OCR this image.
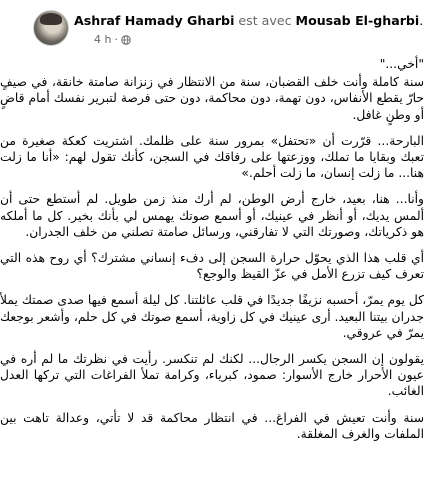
Ashraf Hamady Gharbi est avec Mousab El-gharbi.
4 h ·

"أخي..."

سنة كاملة وأنت خلف القضبان، سنة من الانتظار في زنزانة صامتة خانقة، في صيفٍ حارّ يقطع الأنفاس، دون تهمة، دون محاكمة، دون حتى فرصة لتبرير نفسك أمام قاضٍ أو وطنٍ غافل.

البارحة... قرّرت أن «تحتفل» بمرور سنة على ظلمك. اشتريت كعكة صغيرة من تعبك وبقايا ما تملك، ووزعتها على رفاقك في السجن، كأنك تقول لهم: «أنا ما زلت هنا... ما زلت إنسان، ما زلت أحلم.»

وأنا... هنا، بعيد، خارج أرض الوطن، لم أرك منذ زمن طويل. لم أستطع حتى أن ألمس يديك، أو أنظر في عينيك، أو أسمع صوتك يهمس لي بأنك بخير. كل ما أملكه هو ذكرياتك، وصورتك التي لا تفارقني، ورسائل صامتة تصلني من خلف الجدران.

أي قلب هذا الذي يحوّل حرارة السجن إلى دفء إنساني مشترك؟ أي روح هذه التي تعرف كيف تزرع الأمل في عزّ القيظ والوجع؟

كل يوم يمرّ، أحسبه نزيفًا جديدًا في قلب عائلتنا. كل ليلة أسمع فيها صدى صمتك يملأ جدران بيتنا البعيد. أرى عينيك في كل زاوية، أسمع صوتك في كل حلم، وأشعر بوجعك يمرّ في عروقي.

يقولون إن السجن يكسر الرجال... لكنك لم تنكسر. رأيت في نظرتك ما لم أره في عيون الأحرار خارج الأسوار: صمود، كبرياء، وكرامة تملأ الفراغات التي تركها العدل الغائب.

سنة وأنت تعيش في الفراغ... في انتظار محاكمة قد لا تأتي، وعدالة تاهت بين الملفات والغرف المغلقة.
